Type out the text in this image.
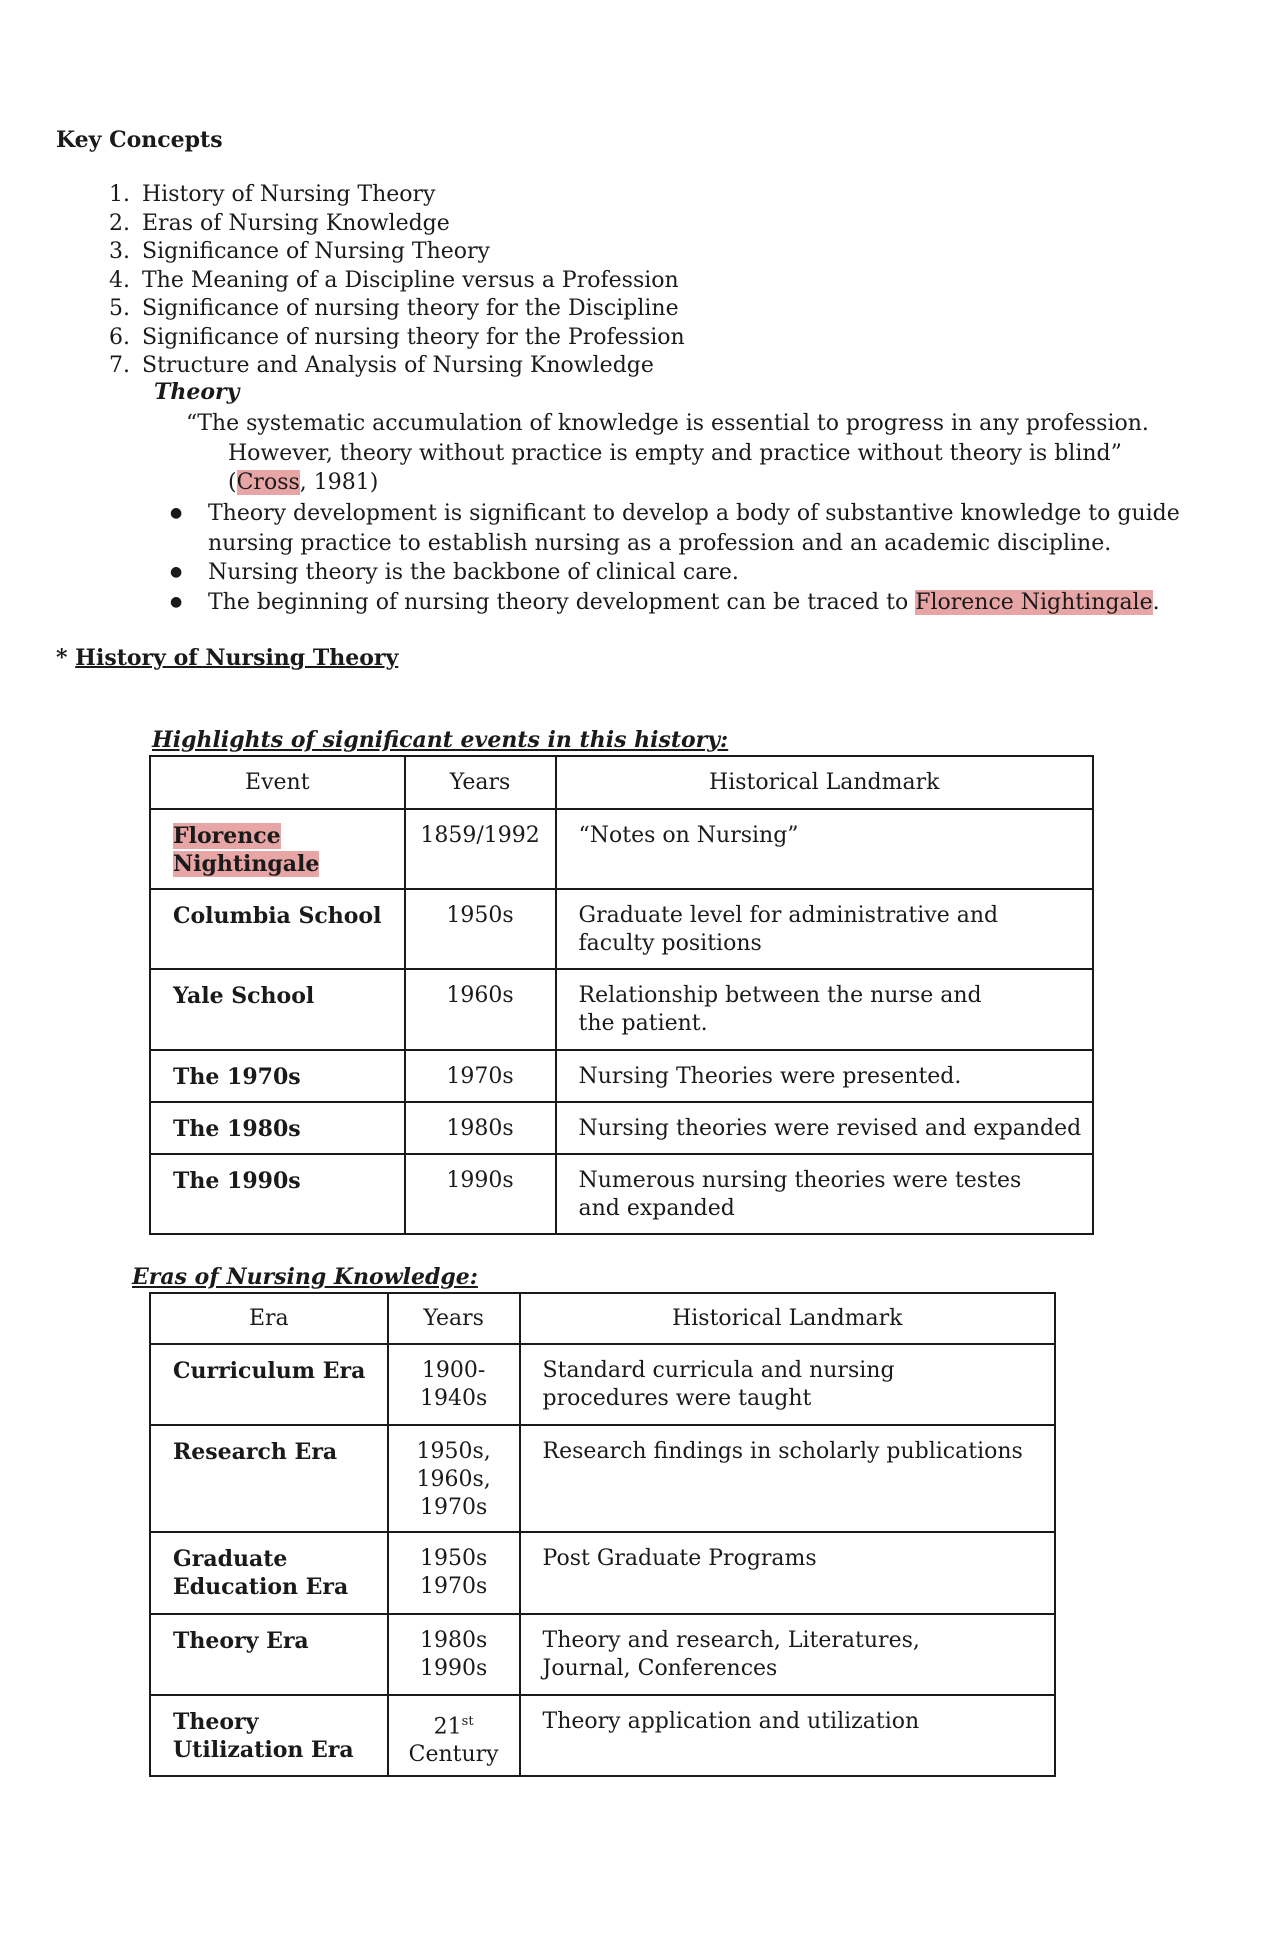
Key Concepts
1. History of Nursing Theory
2. Eras of Nursing Knowledge
3. Significance of Nursing Theory
4. The Meaning of a Discipline versus a Profession
5. Significance of nursing theory for the Discipline
6. Significance of nursing theory for the Profession
7. Structure and Analysis of Nursing Knowledge
Theory
“The systematic accumulation of knowledge is essential to progress in any profession.
However, theory without practice is empty and practice without theory is blind”
(Cross, 1981)
● Theory development is significant to develop a body of substantive knowledge to guide nursing practice to establish nursing as a profession and an academic discipline.
● Nursing theory is the backbone of clinical care.
● The beginning of nursing theory development can be traced to Florence Nightingale.
* History of Nursing Theory
Highlights of significant events in this history:
Event	Years	Historical Landmark
Florence
Nightingale	1859/1992	“Notes on Nursing”
Columbia School	1950s	Graduate level for administrative and
faculty positions
Yale School	1960s	Relationship between the nurse and
the patient.
The 1970s	1970s	Nursing Theories were presented.
The 1980s	1980s	Nursing theories were revised and expanded
The 1990s	1990s	Numerous nursing theories were testes
and expanded
Eras of Nursing Knowledge:
Era	Years	Historical Landmark
Curriculum Era	1900-
1940s	Standard curricula and nursing
procedures were taught
Research Era	1950s,
1960s,
1970s	Research findings in scholarly publications
Graduate
Education Era	1950s
1970s	Post Graduate Programs
Theory Era	1980s
1990s	Theory and research, Literatures,
Journal, Conferences
Theory
Utilization Era	21st
Century	Theory application and utilization
